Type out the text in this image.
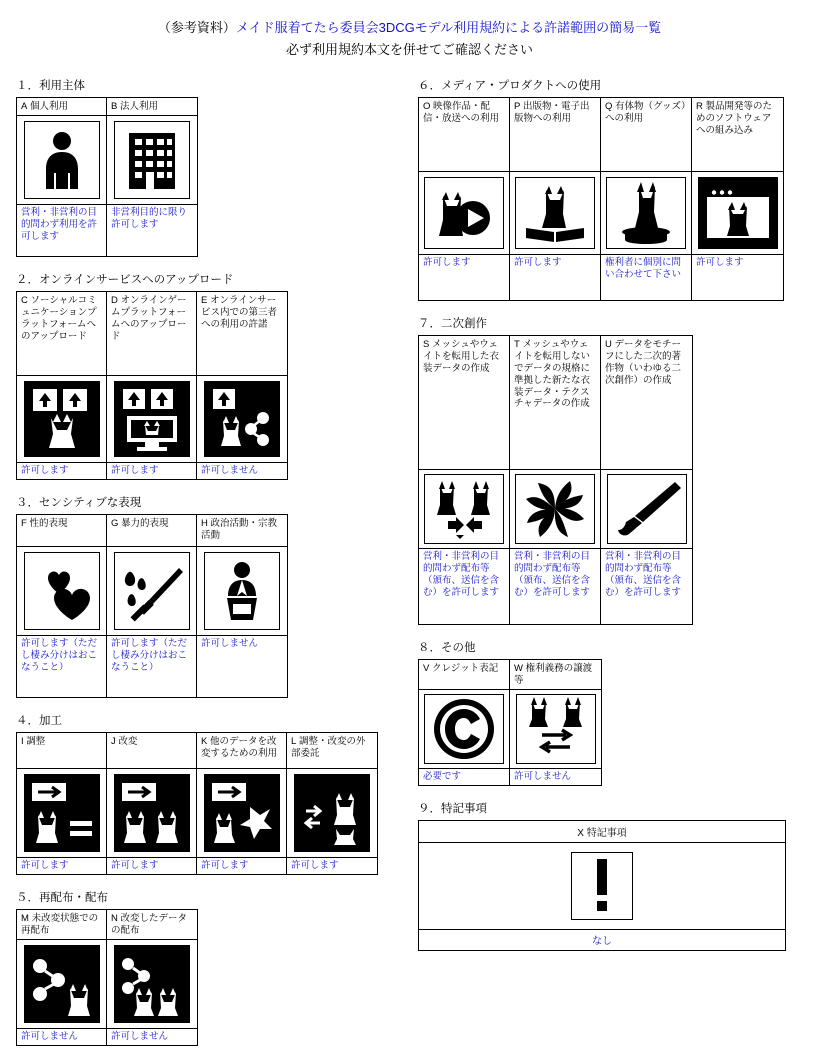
（参考資料）メイド服着てたら委員会3DCGモデル利用規約による許諾範囲の簡易一覧
必ず利用規約本文を併せてご確認ください
１．利用主体
A 個人利用
営利・非営利の目的問わず利用を許可します
B 法人利用
非営利目的に限り許可します
２．オンラインサービスへのアップロード
C ソーシャルコミュニケーションプラットフォームへのアップロード
許可します
D オンラインゲームプラットフォームへのアップロード
許可します
E オンラインサービス内での第三者への利用の許諾
許可しません
３．センシティブな表現
F 性的表現
許可します（ただし棲み分けはおこなうこと）
G 暴力的表現
許可します（ただし棲み分けはおこなうこと）
H 政治活動・宗教活動
許可しません
４．加工
I 調整
許可します
J 改変
許可します
K 他のデータを改変するための利用
許可します
L 調整・改変の外部委託
許可します
５．再配布・配布
M 未改変状態での再配布
許可しません
N 改変したデータの配布
許可しません
６．メディア・プロダクトへの使用
O 映像作品・配信・放送への利用
許可します
P 出版物・電子出版物への利用
許可します
Q 有体物（グッズ）への利用
権利者に個別に問い合わせて下さい
R 製品開発等のためのソフトウェアへの組み込み
許可します
７．二次創作
S メッシュやウェイトを転用した衣装データの作成
営利・非営利の目的問わず配布等（頒布、送信を含む）を許可します
T メッシュやウェイトを転用しないでデータの規格に準拠した新たな衣装データ・テクスチャデータの作成
営利・非営利の目的問わず配布等（頒布、送信を含む）を許可します
U データをモチーフにした二次的著作物（いわゆる二次創作）の作成
営利・非営利の目的問わず配布等（頒布、送信を含む）を許可します
８．その他
V クレジット表記
必要です
W 権利義務の譲渡等
許可しません
９．特記事項
X 特記事項
なし
